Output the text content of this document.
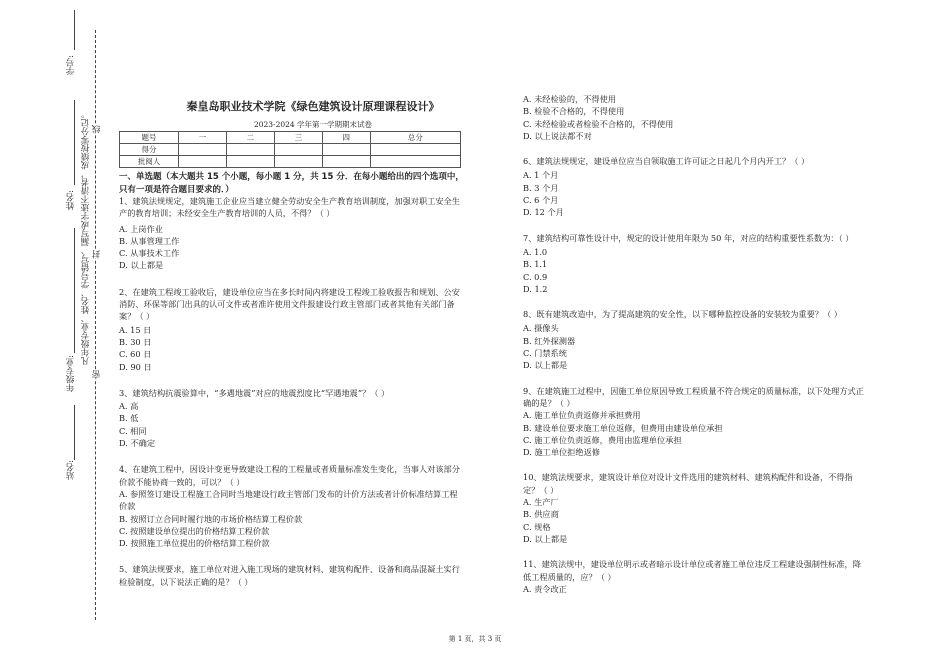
学号:
姓名:
年级专业:
站名:
凡年级专业、姓名、学号错写、漏写或字迹不清者，成绩按零分记。
密
封
线
秦皇岛职业技术学院《绿色建筑设计原理课程设计》
2023-2024 学年第一学期期末试卷
题号	一	二	三	四	总分
得分					
批阅人					
一、单选题（本大题共 15 个小题，每小题 1 分，共 15 分．在每小题给出的四个选项中，只有一项是符合题目要求的．）

1、建筑法规规定，建筑施工企业应当建立健全劳动安全生产教育培训制度，加强对职工安全生产的教育培训；未经安全生产教育培训的人员，不得？（ ）

A. 上岗作业

B. 从事管理工作

C. 从事技术工作

D. 以上都是

2、在建筑工程竣工验收后，建设单位应当在多长时间内将建设工程竣工验收报告和规划、公安消防、环保等部门出具的认可文件或者准许使用文件报建设行政主管部门或者其他有关部门备案？（ ）

A. 15 日

B. 30 日

C. 60 日

D. 90 日

3、建筑结构抗震验算中，“多遇地震”对应的地震烈度比“罕遇地震”？（ ）

A. 高

B. 低

C. 相同

D. 不确定

4、在建筑工程中，因设计变更导致建设工程的工程量或者质量标准发生变化，当事人对该部分价款不能协商一致的，可以？（ ）

A. 参照签订建设工程施工合同时当地建设行政主管部门发布的计价方法或者计价标准结算工程价款

B. 按照订立合同时履行地的市场价格结算工程价款

C. 按照建设单位提出的价格结算工程价款

D. 按照施工单位提出的价格结算工程价款

5、建筑法规要求，施工单位对进入施工现场的建筑材料、建筑构配件、设备和商品混凝土实行检验制度，以下说法正确的是？（ ）

A. 未经检验的，不得使用

B. 检验不合格的，不得使用

C. 未经检验或者检验不合格的，不得使用

D. 以上说法都不对

6、建筑法规规定，建设单位应当自领取施工许可证之日起几个月内开工？（ ）

A. 1 个月

B. 3 个月

C. 6 个月

D. 12 个月

7、建筑结构可靠性设计中，规定的设计使用年限为 50 年，对应的结构重要性系数为：（ ）

A. 1.0

B. 1.1

C. 0.9

D. 1.2

8、既有建筑改造中，为了提高建筑的安全性，以下哪种监控设备的安装较为重要？（ ）

A. 摄像头

B. 红外探测器

C. 门禁系统

D. 以上都是

9、在建筑施工过程中，因施工单位原因导致工程质量不符合规定的质量标准，以下处理方式正确的是？（ ）

A. 施工单位负责返修并承担费用

B. 建设单位要求施工单位返修，但费用由建设单位承担

C. 施工单位负责返修，费用由监理单位承担

D. 施工单位拒绝返修

10、建筑法规要求，建筑设计单位对设计文件选用的建筑材料、建筑构配件和设备，不得指定？（ ）

A. 生产厂

B. 供应商

C. 规格

D. 以上都是

11、建筑法规中，建设单位明示或者暗示设计单位或者施工单位违反工程建设强制性标准，降低工程质量的，应？（ ）

A. 责令改正

第 1 页，共 3 页
